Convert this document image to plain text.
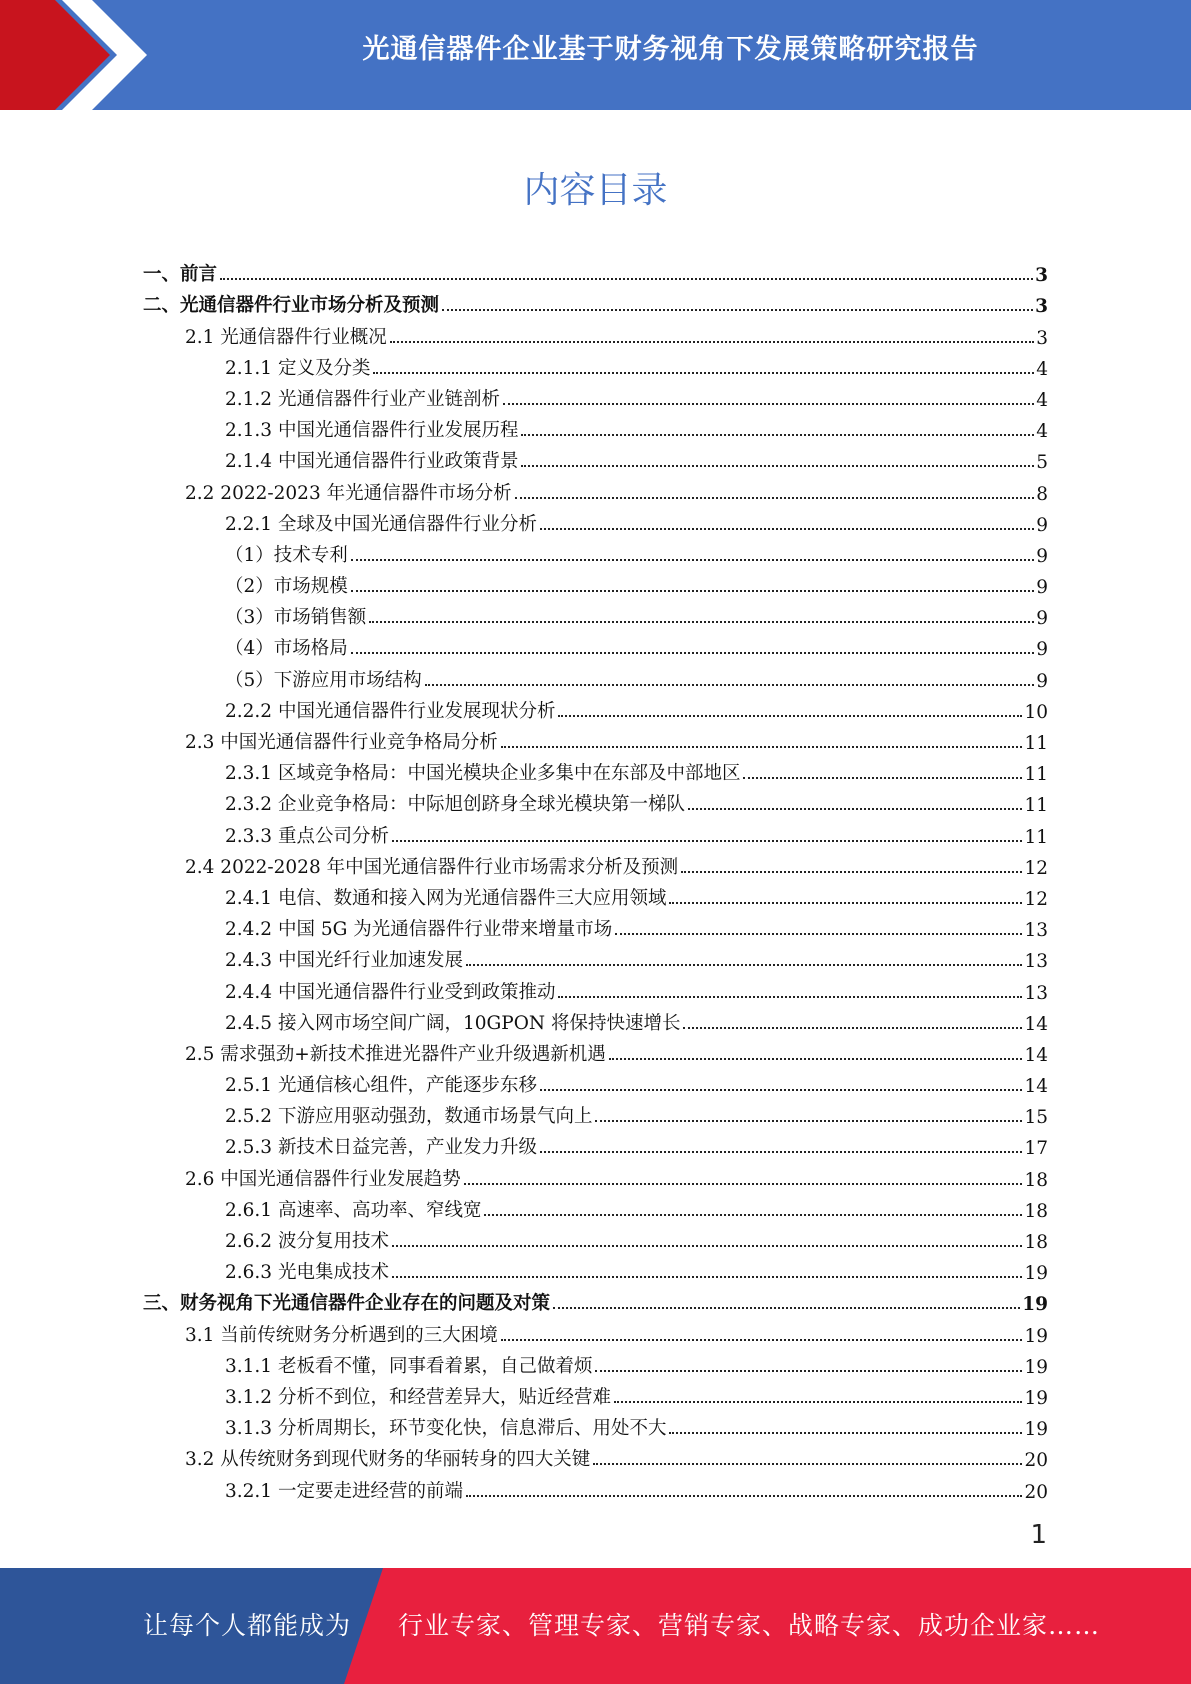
光通信器件企业基于财务视角下发展策略研究报告
内容目录
一、前言	3
二、光通信器件行业市场分析及预测	3
2.1 光通信器件行业概况	3
2.1.1 定义及分类	4
2.1.2 光通信器件行业产业链剖析	4
2.1.3 中国光通信器件行业发展历程	4
2.1.4 中国光通信器件行业政策背景	5
2.2 2022-2023 年光通信器件市场分析	8
2.2.1 全球及中国光通信器件行业分析	9
（1）技术专利	9
（2）市场规模	9
（3）市场销售额	9
（4）市场格局	9
（5）下游应用市场结构	9
2.2.2 中国光通信器件行业发展现状分析	10
2.3 中国光通信器件行业竞争格局分析	11
2.3.1 区域竞争格局：中国光模块企业多集中在东部及中部地区	11
2.3.2 企业竞争格局：中际旭创跻身全球光模块第一梯队	11
2.3.3 重点公司分析	11
2.4 2022-2028 年中国光通信器件行业市场需求分析及预测	12
2.4.1 电信、数通和接入网为光通信器件三大应用领域	12
2.4.2 中国 5G 为光通信器件行业带来增量市场	13
2.4.3 中国光纤行业加速发展	13
2.4.4 中国光通信器件行业受到政策推动	13
2.4.5 接入网市场空间广阔，10GPON 将保持快速增长	14
2.5 需求强劲+新技术推进光器件产业升级遇新机遇	14
2.5.1 光通信核心组件，产能逐步东移	14
2.5.2 下游应用驱动强劲，数通市场景气向上	15
2.5.3 新技术日益完善，产业发力升级	17
2.6 中国光通信器件行业发展趋势	18
2.6.1 高速率、高功率、窄线宽	18
2.6.2 波分复用技术	18
2.6.3 光电集成技术	19
三、财务视角下光通信器件企业存在的问题及对策	19
3.1 当前传统财务分析遇到的三大困境	19
3.1.1 老板看不懂，同事看着累，自己做着烦	19
3.1.2 分析不到位，和经营差异大，贴近经营难	19
3.1.3 分析周期长，环节变化快，信息滞后、用处不大	19
3.2 从传统财务到现代财务的华丽转身的四大关键	20
3.2.1 一定要走进经营的前端	20
1
让每个人都能成为 行业专家、管理专家、营销专家、战略专家、成功企业家……
